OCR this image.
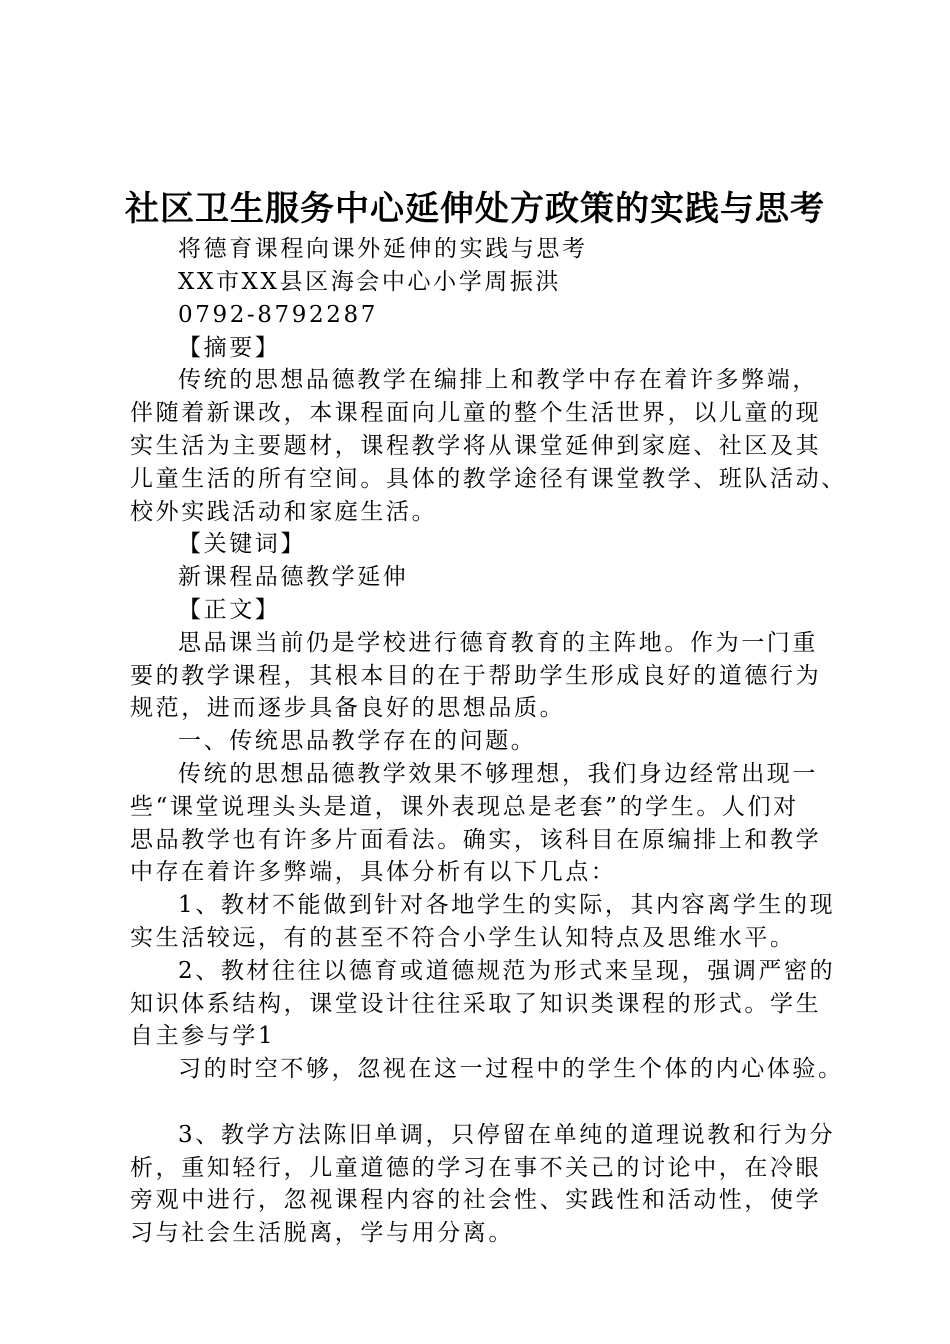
社区卫生服务中心延伸处方政策的实践与思考
将德育课程向课外延伸的实践与思考
XX市XX县区海会中心小学周振洪
0792-8792287
【摘要】
传统的思想品德教学在编排上和教学中存在着许多弊端，
伴随着新课改，本课程面向儿童的整个生活世界，以儿童的现
实生活为主要题材，课程教学将从课堂延伸到家庭、社区及其
儿童生活的所有空间。具体的教学途径有课堂教学、班队活动、
校外实践活动和家庭生活。
【关键词】
新课程品德教学延伸
【正文】
思品课当前仍是学校进行德育教育的主阵地。作为一门重
要的教学课程，其根本目的在于帮助学生形成良好的道德行为
规范，进而逐步具备良好的思想品质。
一、传统思品教学存在的问题。
传统的思想品德教学效果不够理想，我们身边经常出现一
些“课堂说理头头是道，课外表现总是老套”的学生。人们对
思品教学也有许多片面看法。确实，该科目在原编排上和教学
中存在着许多弊端，具体分析有以下几点：
1、教材不能做到针对各地学生的实际，其内容离学生的现
实生活较远，有的甚至不符合小学生认知特点及思维水平。
2、教材往往以德育或道德规范为形式来呈现，强调严密的
知识体系结构，课堂设计往往采取了知识类课程的形式。学生
自主参与学1
习的时空不够，忽视在这一过程中的学生个体的内心体验。
3、教学方法陈旧单调，只停留在单纯的道理说教和行为分
析，重知轻行，儿童道德的学习在事不关己的讨论中，在冷眼
旁观中进行，忽视课程内容的社会性、实践性和活动性，使学
习与社会生活脱离，学与用分离。
